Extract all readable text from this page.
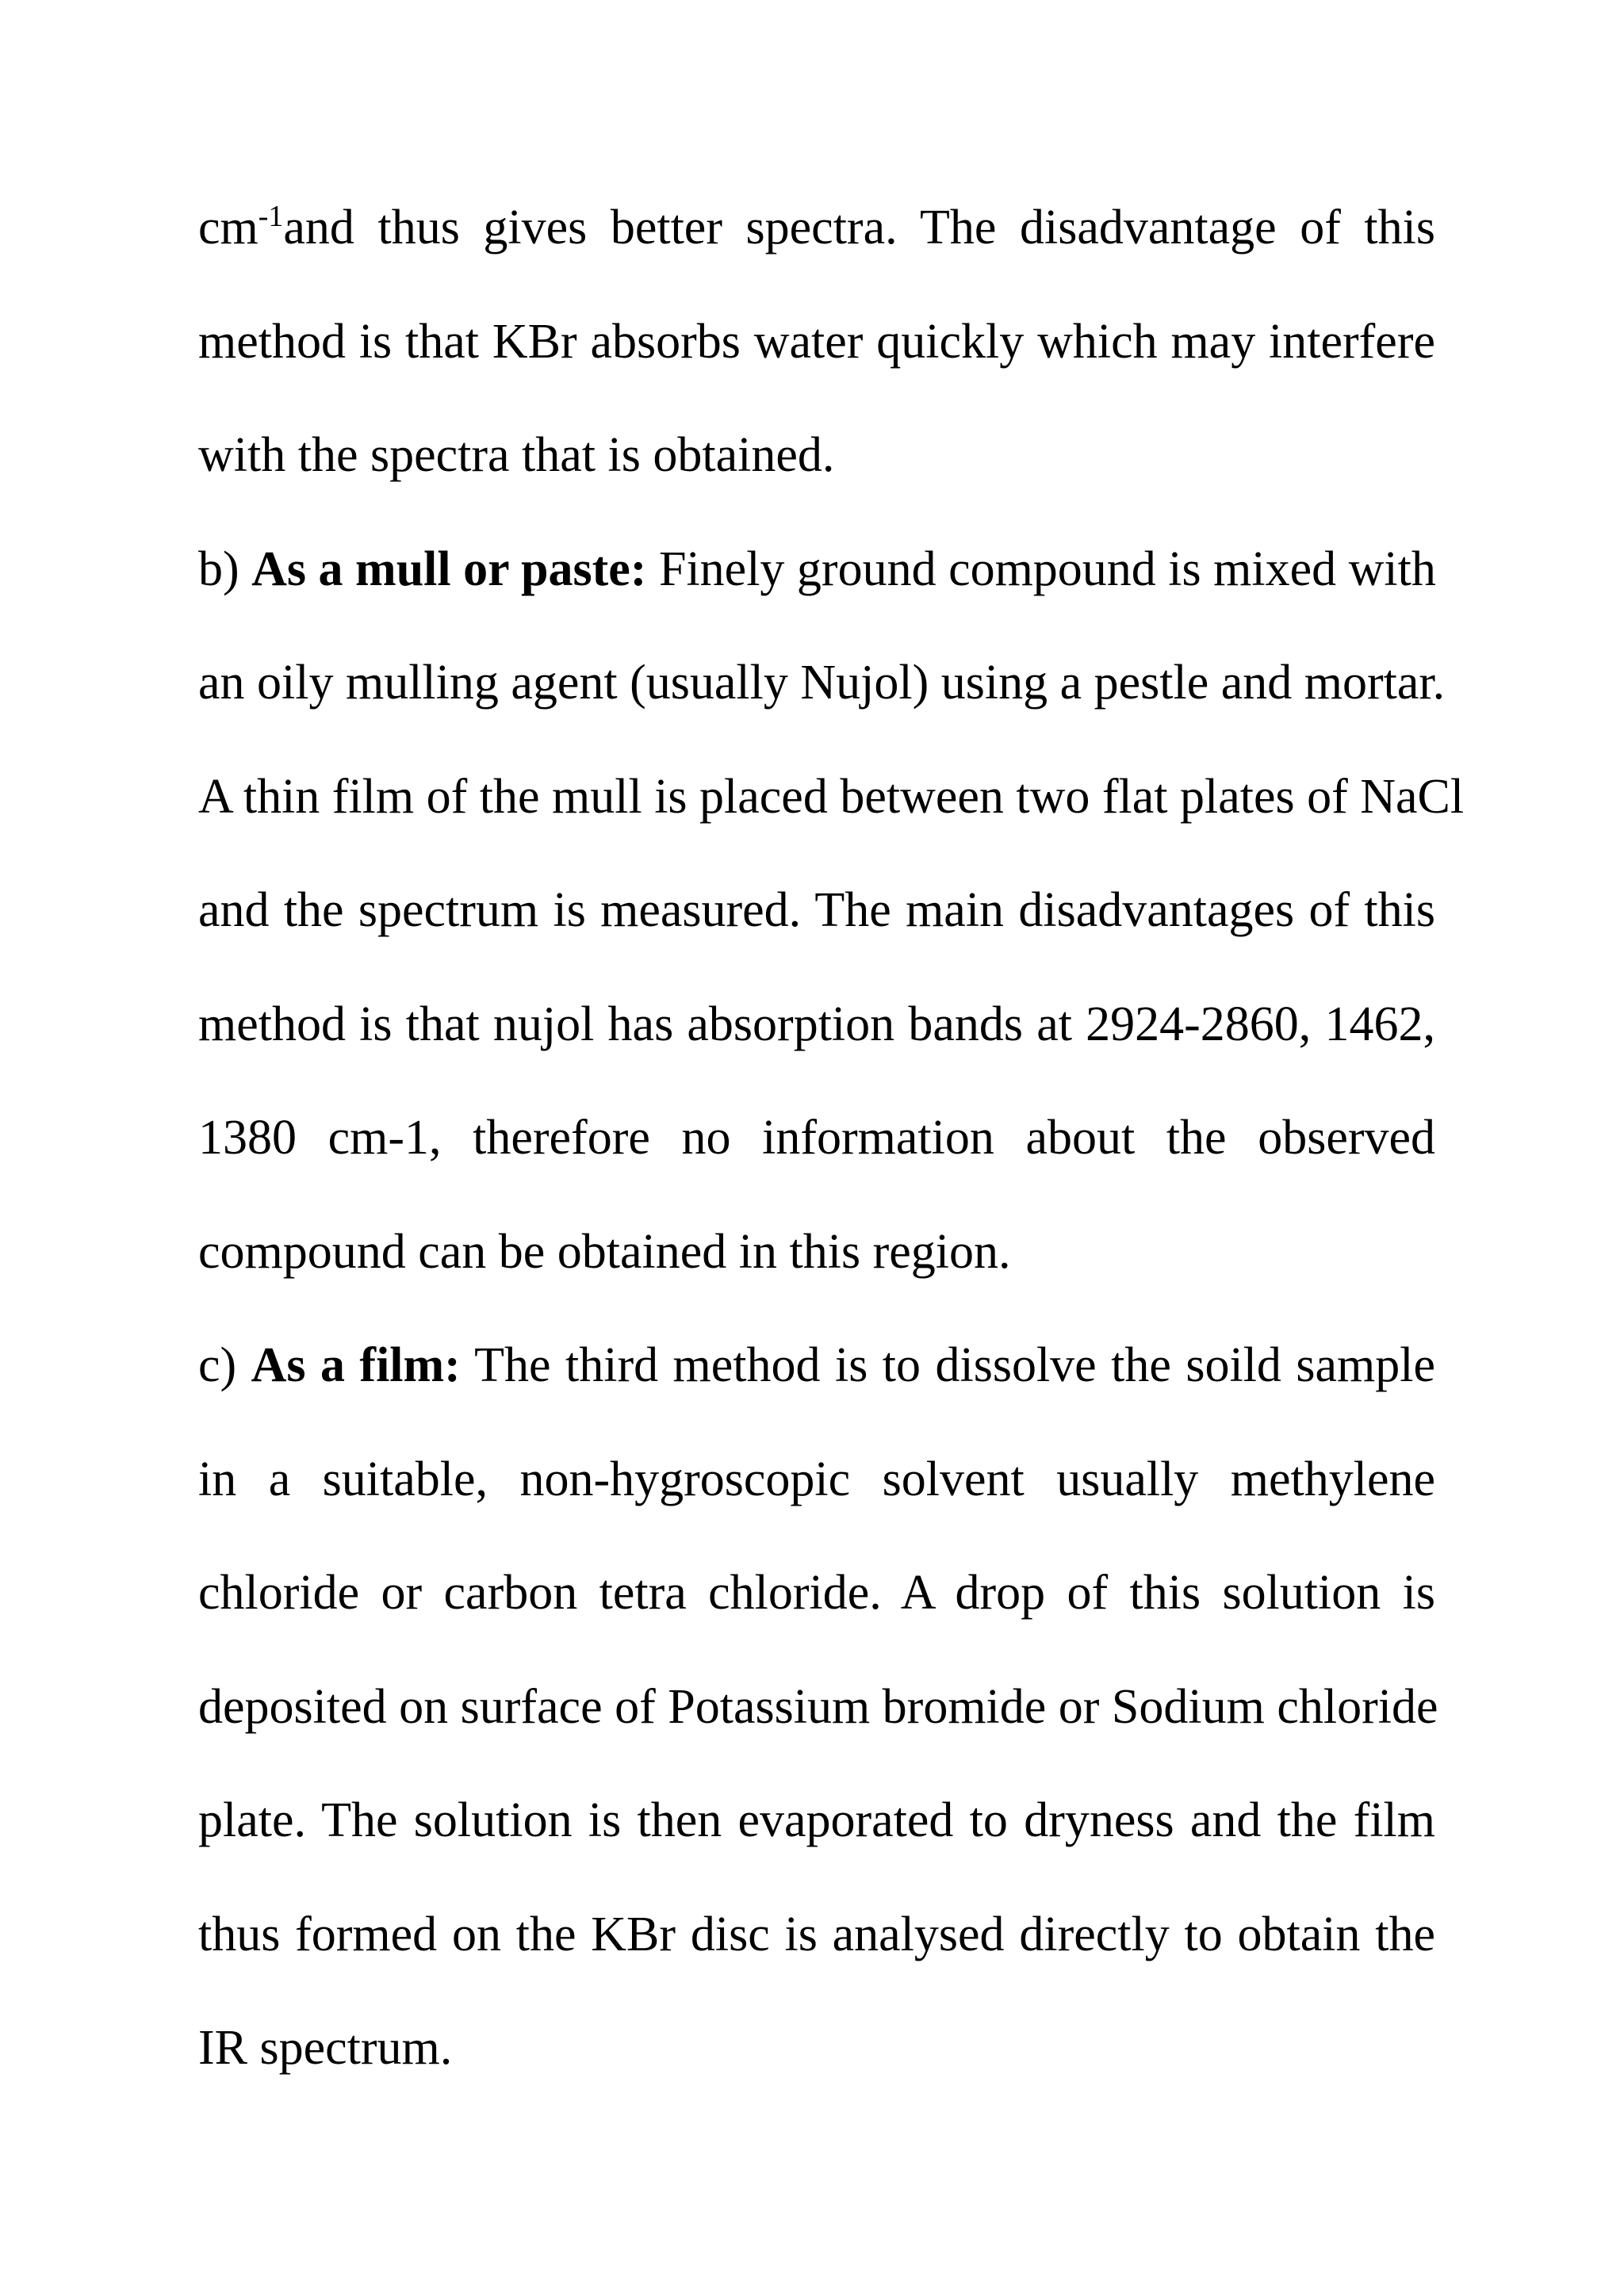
$cm^{-1}and$ thus gives better spectra. The disadvantage of this
method is that KBr absorbs water quickly which may interfere
with the spectra that is obtained.
b) As a mull or paste: Finely ground compound is mixed with
an oily mulling agent (usually Nujol) using a pestle and mortar.
A thin film of the mull is placed between two flat plates of NaCl
and the spectrum is measured. The main disadvantages of this
method is that nujol has absorption bands at 2924-2860, 1462,
1380 cm-1, therefore no information about the observed
compound can be obtained in this region.
c) As a film: The third method is to dissolve the soild sample
in a suitable, non-hygroscopic solvent usually methylene
chloride or carbon tetra chloride. A drop of this solution is
deposited on surface of Potassium bromide or Sodium chloride
plate. The solution is then evaporated to dryness and the film
thus formed on the KBr disc is analysed directly to obtain the
IR spectrum.
